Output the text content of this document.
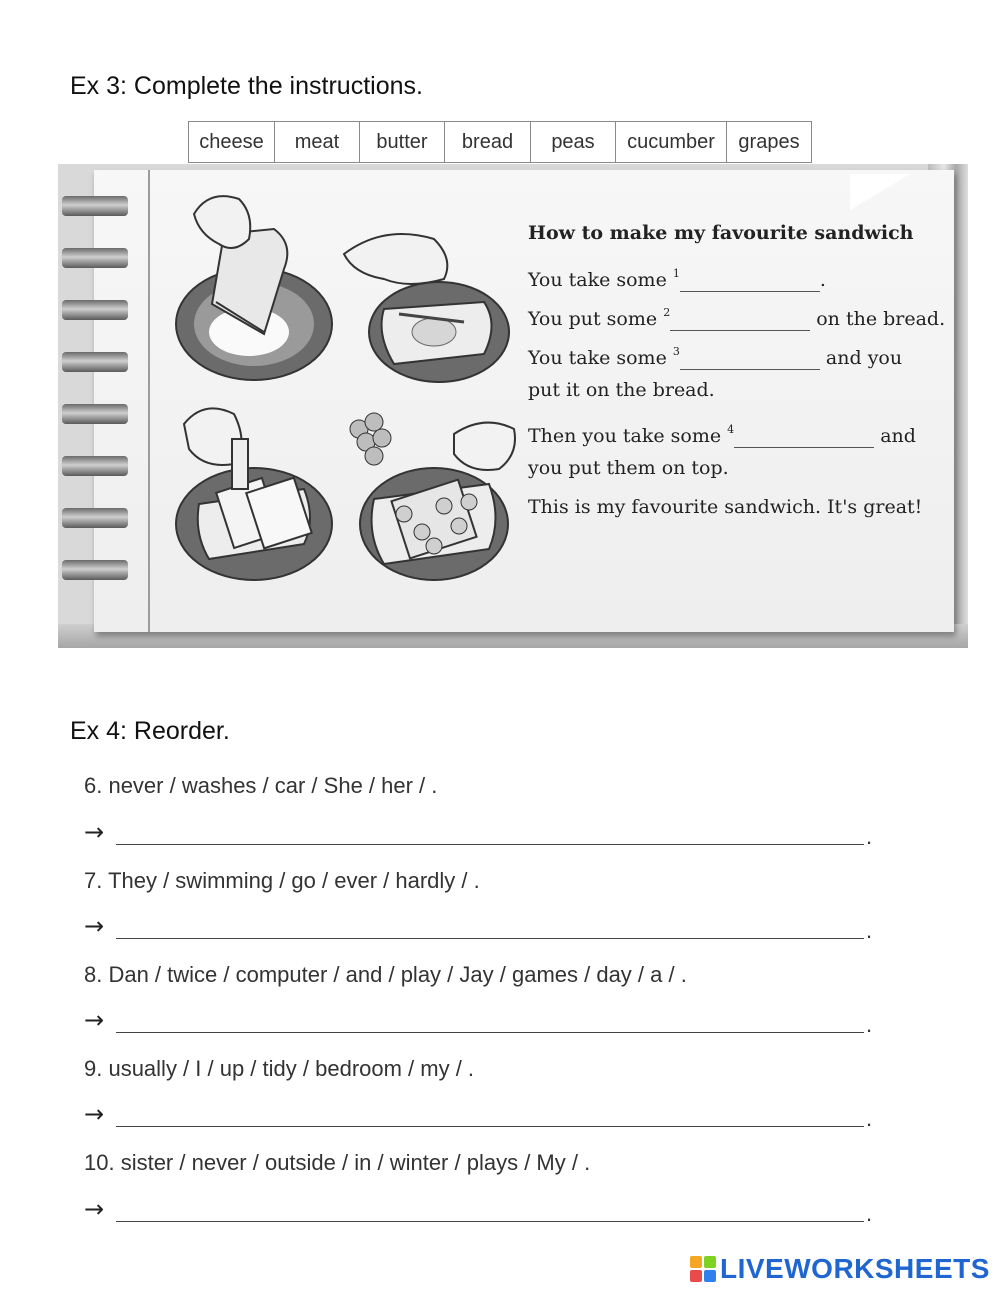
Ex 3: Complete the instructions.
cheese	meat	butter	bread	peas	cucumber	grapes
How to make my favourite sandwich
You take some $^1$	.
You put some $^2$	on the bread.
You take some $^3$	and you
put it on the bread.
Then you take some $^4$	and
you put them on top.
This is my favourite sandwich. It's great!
Ex 4: Reorder.
6. never / washes / car / She / her / .
→	.
7. They / swimming / go / ever / hardly / .
→	.
8. Dan / twice / computer / and / play / Jay / games / day / a / .
→	.
9. usually / I / up / tidy / bedroom / my / .
→	.
10. sister / never / outside / in / winter / plays / My / .
→	.
LIVEWORKSHEETS
